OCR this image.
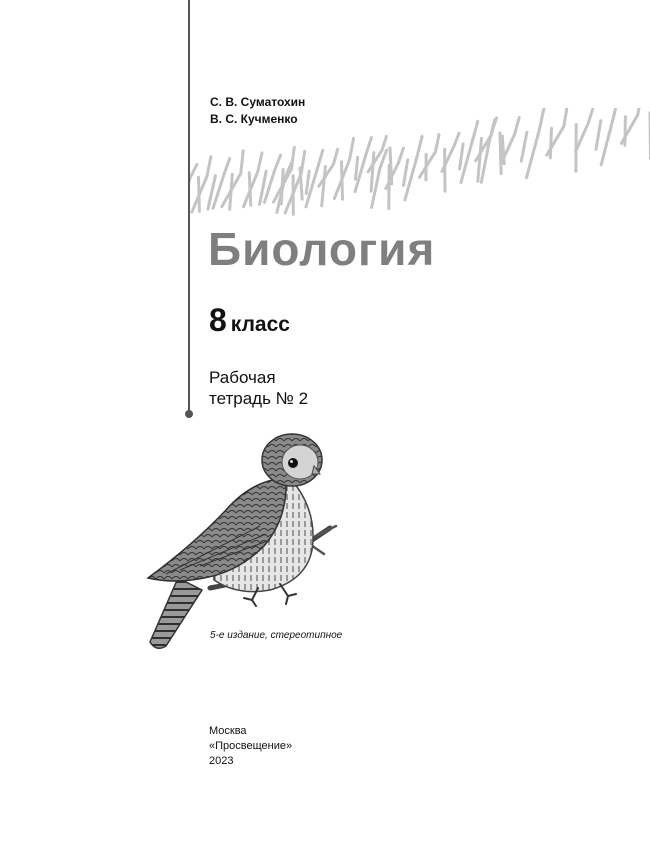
С. В. Суматохин
В. С. Кучменко
Биология
8 класс
Рабочая
тетрадь № 2
5-е издание, стереотипное
Москва
«Просвещение»
2023
